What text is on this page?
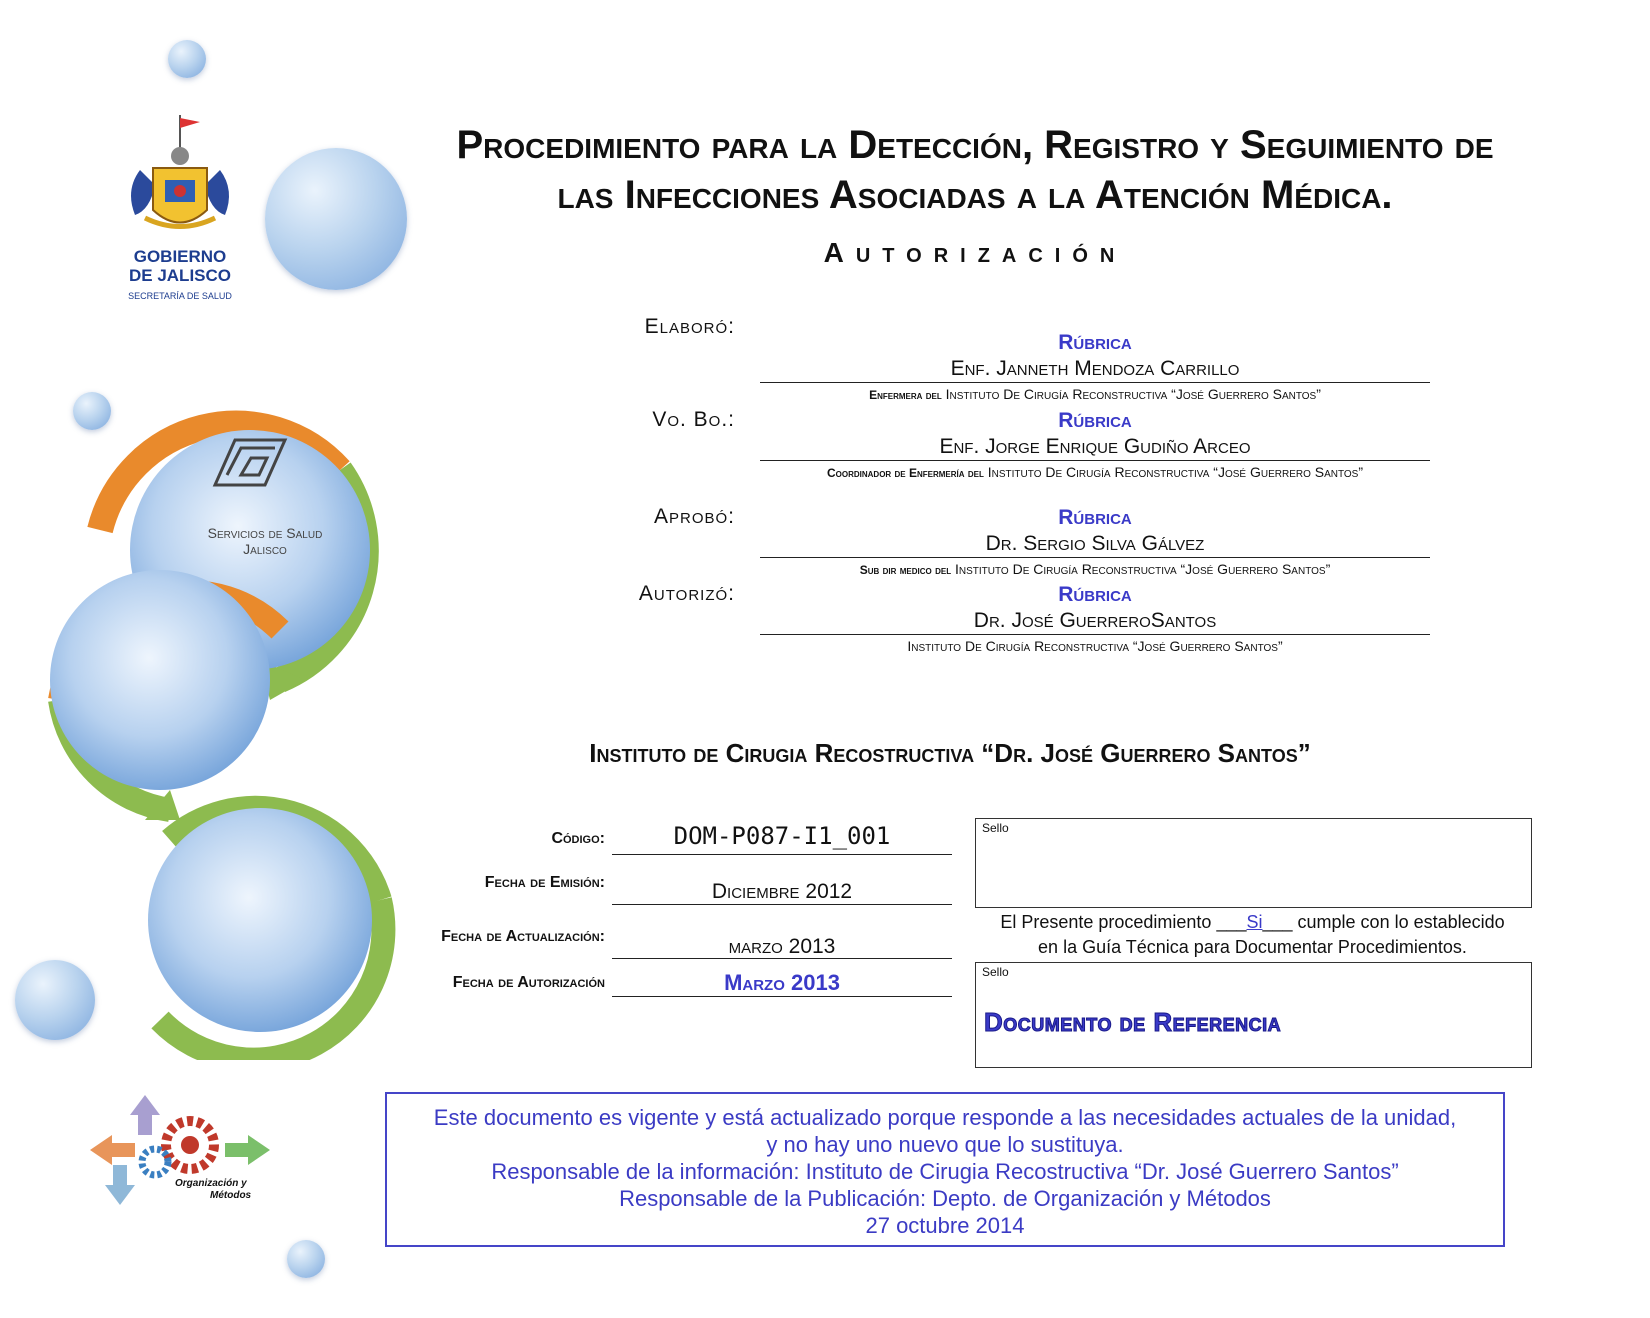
GOBIERNO
DE JALISCO
SECRETARÍA DE SALUD
Servicios de Salud
Jalisco
Organización y
Métodos
Procedimiento para la Detección, Registro y Seguimiento de
las Infecciones Asociadas a la Atención Médica.
Autorización
Elaboró:
Rúbrica
Enf. Janneth Mendoza Carrillo
Enfermera del Instituto De Cirugía Reconstructiva “José Guerrero Santos”
Vo. Bo.:	Rúbrica
Enf. Jorge Enrique Gudiño Arceo
Coordinador de Enfermería del Instituto De Cirugía Reconstructiva “José Guerrero Santos”
Aprobó:	Rúbrica
Dr. Sergio Silva Gálvez
Sub dir medico del Instituto De Cirugía Reconstructiva “José Guerrero Santos”
Autorizó:	Rúbrica
Dr. José GuerreroSantos
Instituto De Cirugía Reconstructiva “José Guerrero Santos”
Instituto de Cirugia Recostructiva “Dr. José Guerrero Santos”
Código:	DOM-P087-I1_001
Fecha de Emisión:	Diciembre 2012
Fecha de Actualización:	marzo 2013
Fecha de Autorización	Marzo 2013
Sello
El Presente procedimiento ___Si___ cumple con lo establecido
en la Guía Técnica para Documentar Procedimientos.
Sello
Documento de Referencia
Este documento es vigente y está actualizado porque responde a las necesidades actuales de la unidad,
y no hay uno nuevo que lo sustituya.
Responsable de la información: Instituto de Cirugia Recostructiva “Dr. José Guerrero Santos”
Responsable de la Publicación: Depto. de Organización y Métodos
27 octubre 2014
